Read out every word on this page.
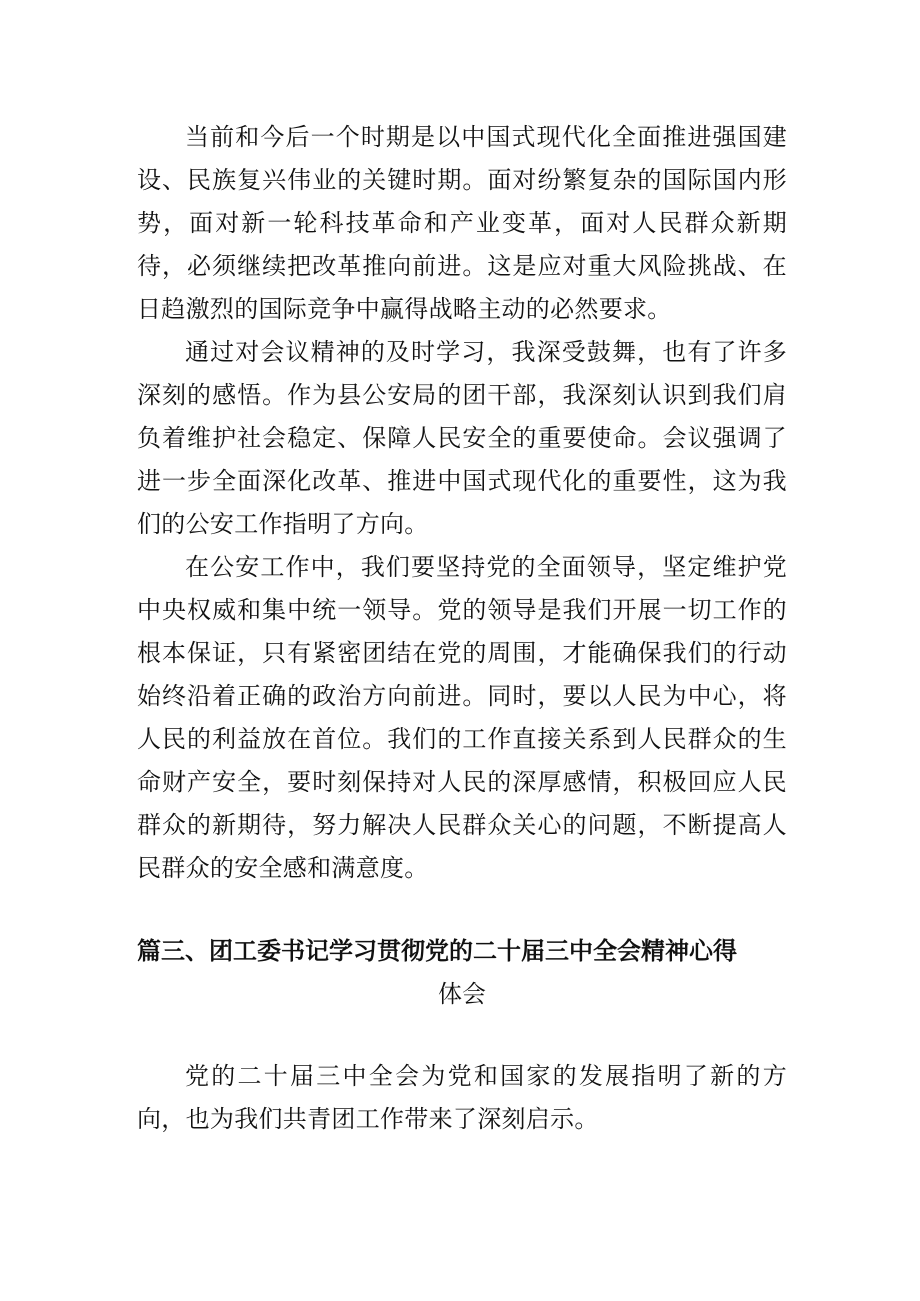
当前和今后一个时期是以中国式现代化全面推进强国建设、民族复兴伟业的关键时期。面对纷繁复杂的国际国内形势，面对新一轮科技革命和产业变革，面对人民群众新期待，必须继续把改革推向前进。这是应对重大风险挑战、在日趋激烈的国际竞争中赢得战略主动的必然要求。

通过对会议精神的及时学习，我深受鼓舞，也有了许多深刻的感悟。作为县公安局的团干部，我深刻认识到我们肩负着维护社会稳定、保障人民安全的重要使命。会议强调了进一步全面深化改革、推进中国式现代化的重要性，这为我们的公安工作指明了方向。

在公安工作中，我们要坚持党的全面领导，坚定维护党中央权威和集中统一领导。党的领导是我们开展一切工作的根本保证，只有紧密团结在党的周围，才能确保我们的行动始终沿着正确的政治方向前进。同时，要以人民为中心，将人民的利益放在首位。我们的工作直接关系到人民群众的生命财产安全，要时刻保持对人民的深厚感情，积极回应人民群众的新期待，努力解决人民群众关心的问题，不断提高人民群众的安全感和满意度。

篇三、团工委书记学习贯彻党的二十届三中全会精神心得

体会

党的二十届三中全会为党和国家的发展指明了新的方向，也为我们共青团工作带来了深刻启示。
